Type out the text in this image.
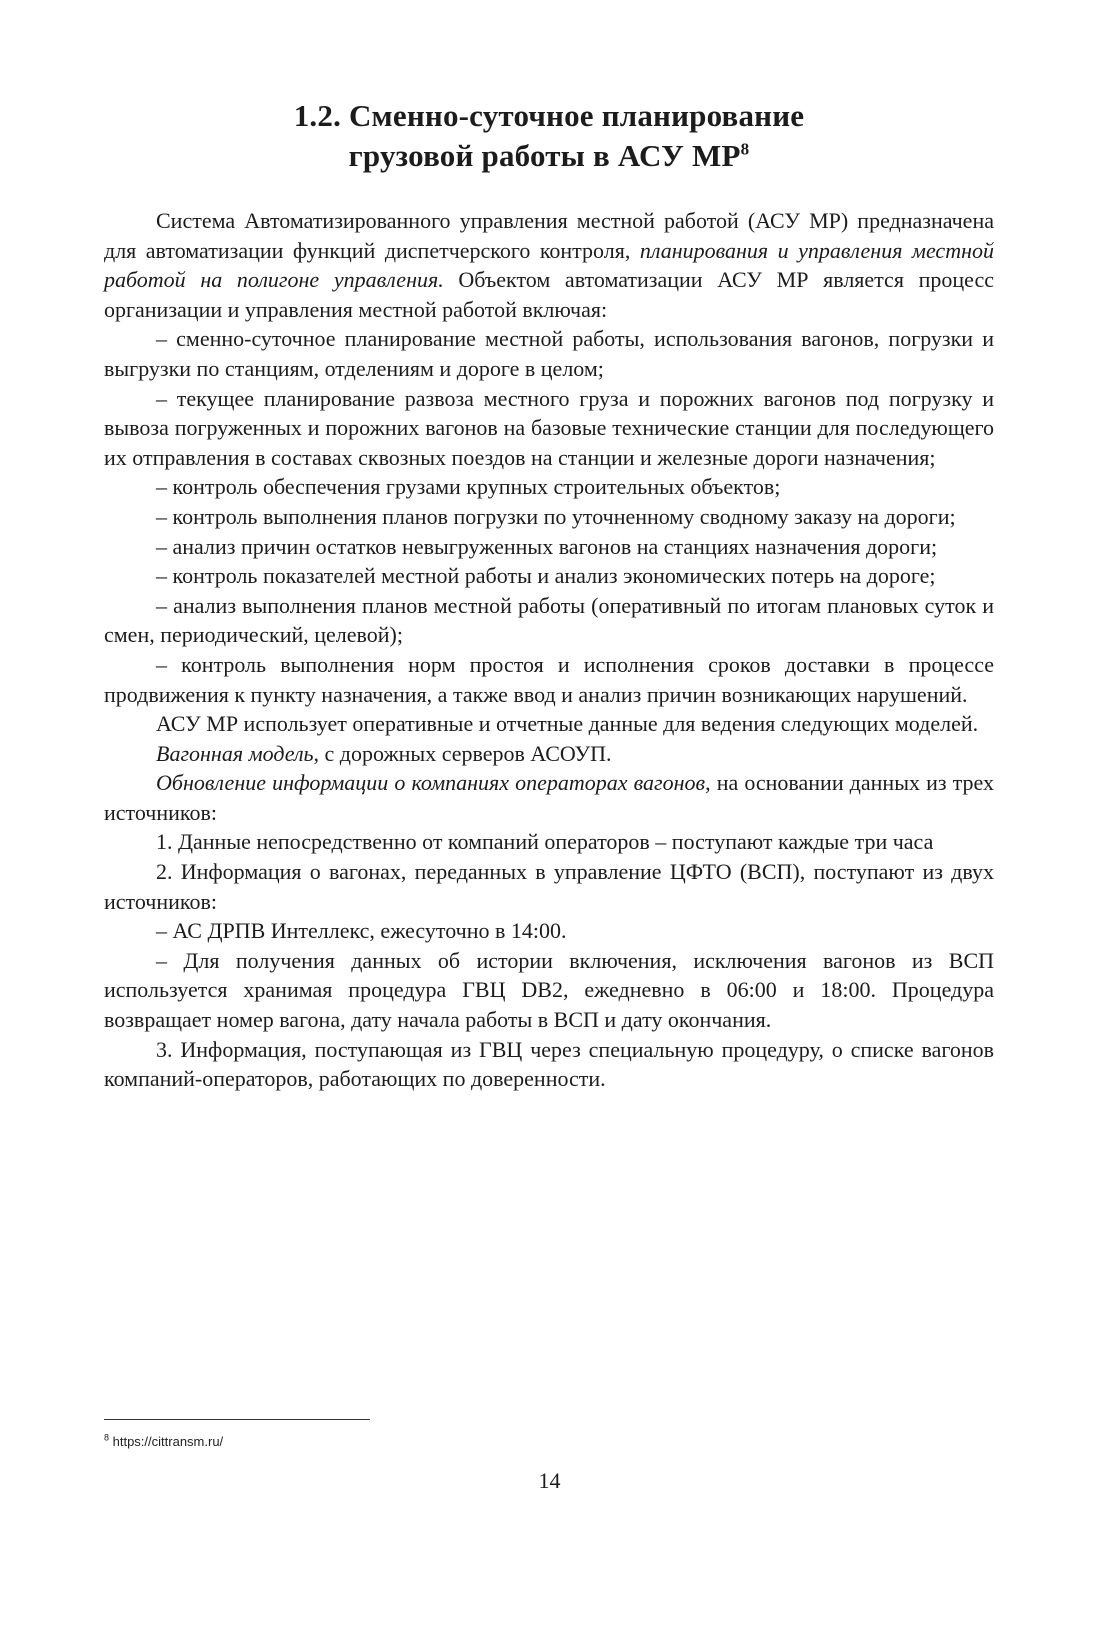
1.2. Сменно-суточное планирование
грузовой работы в АСУ $МР^8$

Система Автоматизированного управления местной работой (АСУ МР) предназначена для автоматизации функций диспетчерского контроля, планирования и управления местной работой на полигоне управления. Объектом автоматизации АСУ МР является процесс организации и управления местной работой включая:

– сменно-суточное планирование местной работы, использования вагонов, погрузки и выгрузки по станциям, отделениям и дороге в целом;

– текущее планирование развоза местного груза и порожних вагонов под погрузку и вывоза погруженных и порожних вагонов на базовые технические станции для последующего их отправления в составах сквозных поездов на станции и железные дороги назначения;

– контроль обеспечения грузами крупных строительных объектов;

– контроль выполнения планов погрузки по уточненному сводному заказу на дороги;

– анализ причин остатков невыгруженных вагонов на станциях назначения дороги;

– контроль показателей местной работы и анализ экономических потерь на дороге;

– анализ выполнения планов местной работы (оперативный по итогам плановых суток и смен, периодический, целевой);

– контроль выполнения норм простоя и исполнения сроков доставки в процессе продвижения к пункту назначения, а также ввод и анализ причин возникающих нарушений.

АСУ МР использует оперативные и отчетные данные для ведения следующих моделей.

Вагонная модель, с дорожных серверов АСОУП.

Обновление информации о компаниях операторах вагонов, на основании данных из трех источников:

1. Данные непосредственно от компаний операторов – поступают каждые три часа

2. Информация о вагонах, переданных в управление ЦФТО (ВСП), поступают из двух источников:

– АС ДРПВ Интеллекс, ежесуточно в 14:00.

– Для получения данных об истории включения, исключения вагонов из ВСП используется хранимая процедура ГВЦ DB2, ежедневно в 06:00 и 18:00. Процедура возвращает номер вагона, дату начала работы в ВСП и дату окончания.

3. Информация, поступающая из ГВЦ через специальную процедуру, о списке вагонов компаний-операторов, работающих по доверенности.

$^8$ https://cittransm.ru/
14
